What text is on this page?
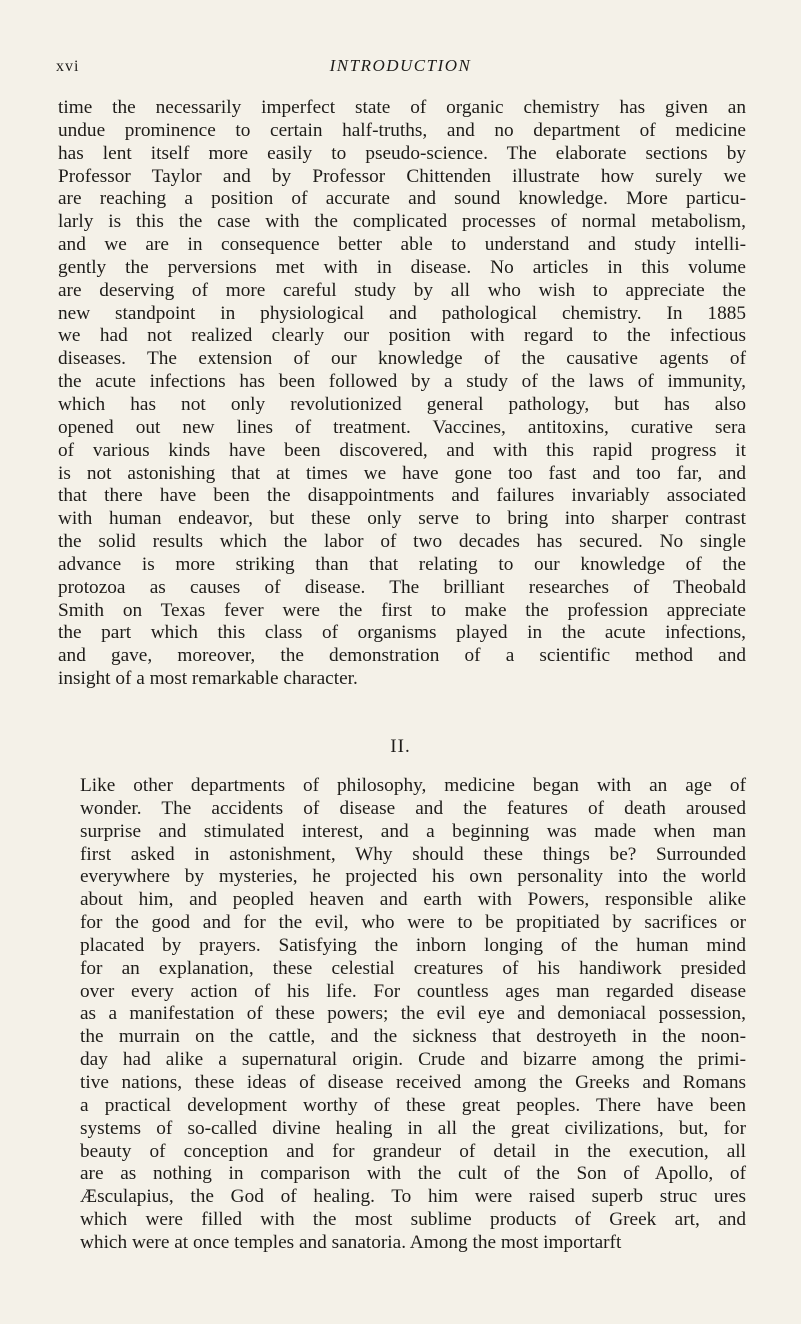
xvi	INTRODUCTION
time the necessarily imperfect state of organic chemistry has given an
undue prominence to certain half-truths, and no department of medicine
has lent itself more easily to pseudo-science. The elaborate sections by
Professor Taylor and by Professor Chittenden illustrate how surely we
are reaching a position of accurate and sound knowledge. More particu-
larly is this the case with the complicated processes of normal metabolism,
and we are in consequence better able to understand and study intelli-
gently the perversions met with in disease. No articles in this volume
are deserving of more careful study by all who wish to appreciate the
new standpoint in physiological and pathological chemistry. In 1885
we had not realized clearly our position with regard to the infectious
diseases. The extension of our knowledge of the causative agents of
the acute infections has been followed by a study of the laws of immunity,
which has not only revolutionized general pathology, but has also
opened out new lines of treatment. Vaccines, antitoxins, curative sera
of various kinds have been discovered, and with this rapid progress it
is not astonishing that at times we have gone too fast and too far, and
that there have been the disappointments and failures invariably associated
with human endeavor, but these only serve to bring into sharper contrast
the solid results which the labor of two decades has secured. No single
advance is more striking than that relating to our knowledge of the
protozoa as causes of disease. The brilliant researches of Theobald
Smith on Texas fever were the first to make the profession appreciate
the part which this class of organisms played in the acute infections,
and gave, moreover, the demonstration of a scientific method and
insight of a most remarkable character.
II.
Like other departments of philosophy, medicine began with an age of
wonder. The accidents of disease and the features of death aroused
surprise and stimulated interest, and a beginning was made when man
first asked in astonishment, Why should these things be? Surrounded
everywhere by mysteries, he projected his own personality into the world
about him, and peopled heaven and earth with Powers, responsible alike
for the good and for the evil, who were to be propitiated by sacrifices or
placated by prayers. Satisfying the inborn longing of the human mind
for an explanation, these celestial creatures of his handiwork presided
over every action of his life. For countless ages man regarded disease
as a manifestation of these powers; the evil eye and demoniacal possession,
the murrain on the cattle, and the sickness that destroyeth in the noon-
day had alike a supernatural origin. Crude and bizarre among the primi-
tive nations, these ideas of disease received among the Greeks and Romans
a practical development worthy of these great peoples. There have been
systems of so-called divine healing in all the great civilizations, but, for
beauty of conception and for grandeur of detail in the execution, all
are as nothing in comparison with the cult of the Son of Apollo, of
Æsculapius, the God of healing. To him were raised superb struc ures
which were filled with the most sublime products of Greek art, and
which were at once temples and sanatoria. Among the most importarft
